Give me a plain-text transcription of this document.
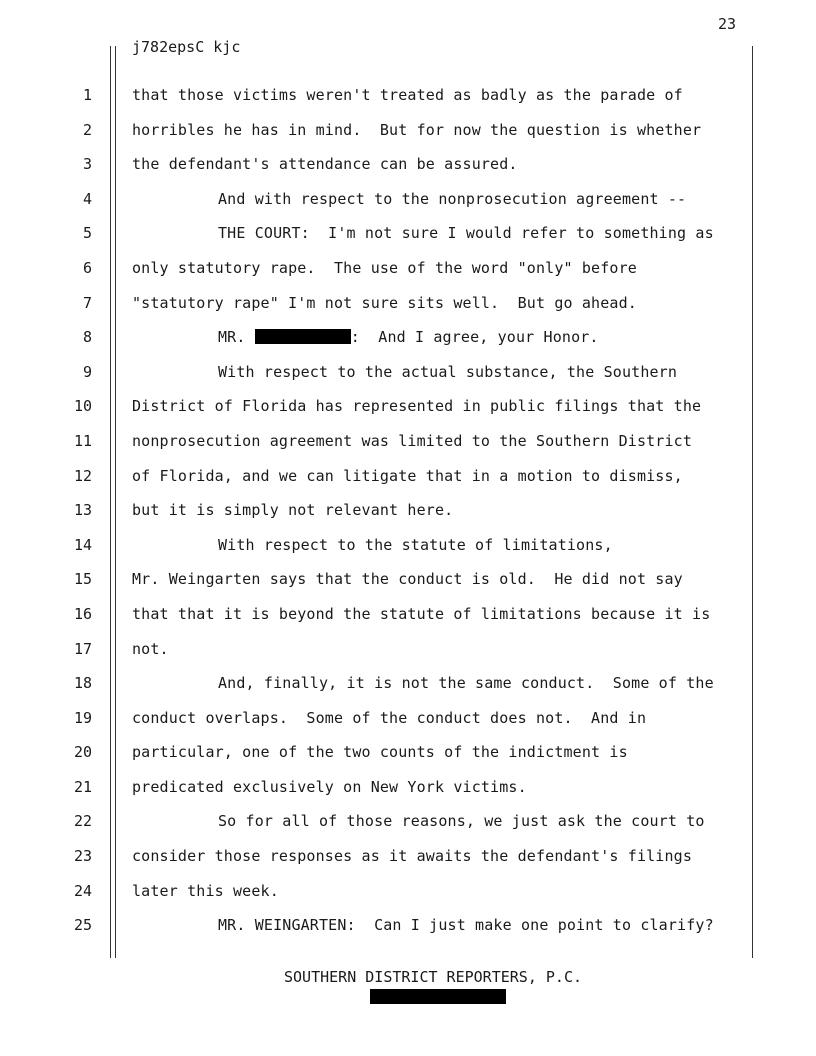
23
j782epsC kjc
1	that those victims weren't treated as badly as the parade of
2	horribles he has in mind.  But for now the question is whether
3	the defendant's attendance can be assured.
4	And with respect to the nonprosecution agreement --
5	THE COURT:  I'm not sure I would refer to something as
6	only statutory rape.  The use of the word "only" before
7	"statutory rape" I'm not sure sits well.  But go ahead.
8	MR.	:  And I agree, your Honor.
9	With respect to the actual substance, the Southern
10	District of Florida has represented in public filings that the
11	nonprosecution agreement was limited to the Southern District
12	of Florida, and we can litigate that in a motion to dismiss,
13	but it is simply not relevant here.
14	With respect to the statute of limitations,
15	Mr. Weingarten says that the conduct is old.  He did not say
16	that that it is beyond the statute of limitations because it is
17	not.
18	And, finally, it is not the same conduct.  Some of the
19	conduct overlaps.  Some of the conduct does not.  And in
20	particular, one of the two counts of the indictment is
21	predicated exclusively on New York victims.
22	So for all of those reasons, we just ask the court to
23	consider those responses as it awaits the defendant's filings
24	later this week.
25	MR. WEINGARTEN:  Can I just make one point to clarify?
SOUTHERN DISTRICT REPORTERS, P.C.
